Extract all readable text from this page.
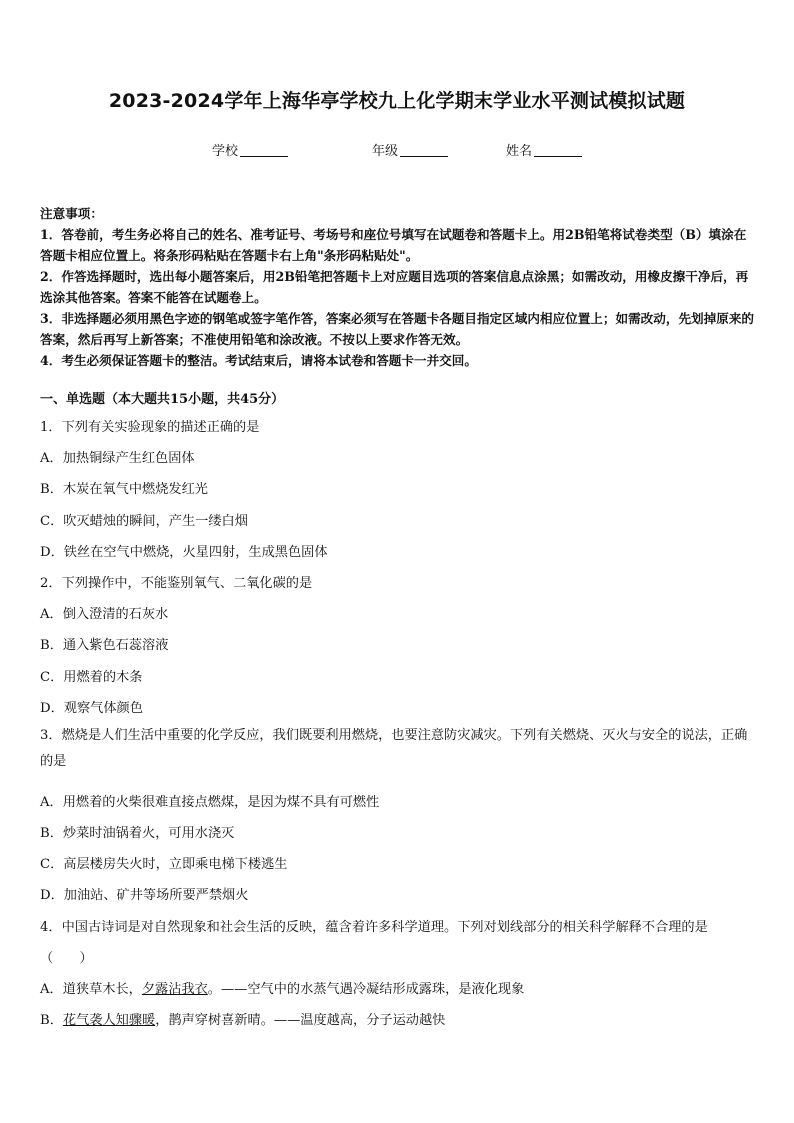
2023-2024学年上海华亭学校九上化学期末学业水平测试模拟试题
学校	年级	姓名

注意事项：

1．答卷前，考生务必将自己的姓名、准考证号、考场号和座位号填写在试题卷和答题卡上。用2B铅笔将试卷类型（B）填涂在答题卡相应位置上。将条形码粘贴在答题卡右上角"条形码粘贴处"。

2．作答选择题时，选出每小题答案后，用2B铅笔把答题卡上对应题目选项的答案信息点涂黑；如需改动，用橡皮擦干净后，再选涂其他答案。答案不能答在试题卷上。

3．非选择题必须用黑色字迹的钢笔或签字笔作答，答案必须写在答题卡各题目指定区域内相应位置上；如需改动，先划掉原来的答案，然后再写上新答案；不准使用铅笔和涂改液。不按以上要求作答无效。

4．考生必须保证答题卡的整洁。考试结束后，请将本试卷和答题卡一并交回。

一、单选题（本大题共15小题，共45分）
1．下列有关实验现象的描述正确的是
A．加热铜绿产生红色固体
B．木炭在氧气中燃烧发红光
C．吹灭蜡烛的瞬间，产生一缕白烟
D．铁丝在空气中燃烧，火星四射，生成黑色固体
2．下列操作中，不能鉴别氧气、二氧化碳的是
A．倒入澄清的石灰水
B．通入紫色石蕊溶液
C．用燃着的木条
D．观察气体颜色
3．燃烧是人们生活中重要的化学反应，我们既要利用燃烧，也要注意防灾减灾。下列有关燃烧、灭火与安全的说法，正确的是
A．用燃着的火柴很难直接点燃煤，是因为煤不具有可燃性
B．炒菜时油锅着火，可用水浇灭
C．高层楼房失火时，立即乘电梯下楼逃生
D．加油站、矿井等场所要严禁烟火
4．中国古诗词是对自然现象和社会生活的反映，蕴含着许多科学道理。下列对划线部分的相关科学解释不合理的是
（　　）
A．道狭草木长，夕露沾我衣。——空气中的水蒸气遇冷凝结形成露珠，是液化现象
B．花气袭人知骤暖，鹊声穿树喜新晴。——温度越高，分子运动越快
